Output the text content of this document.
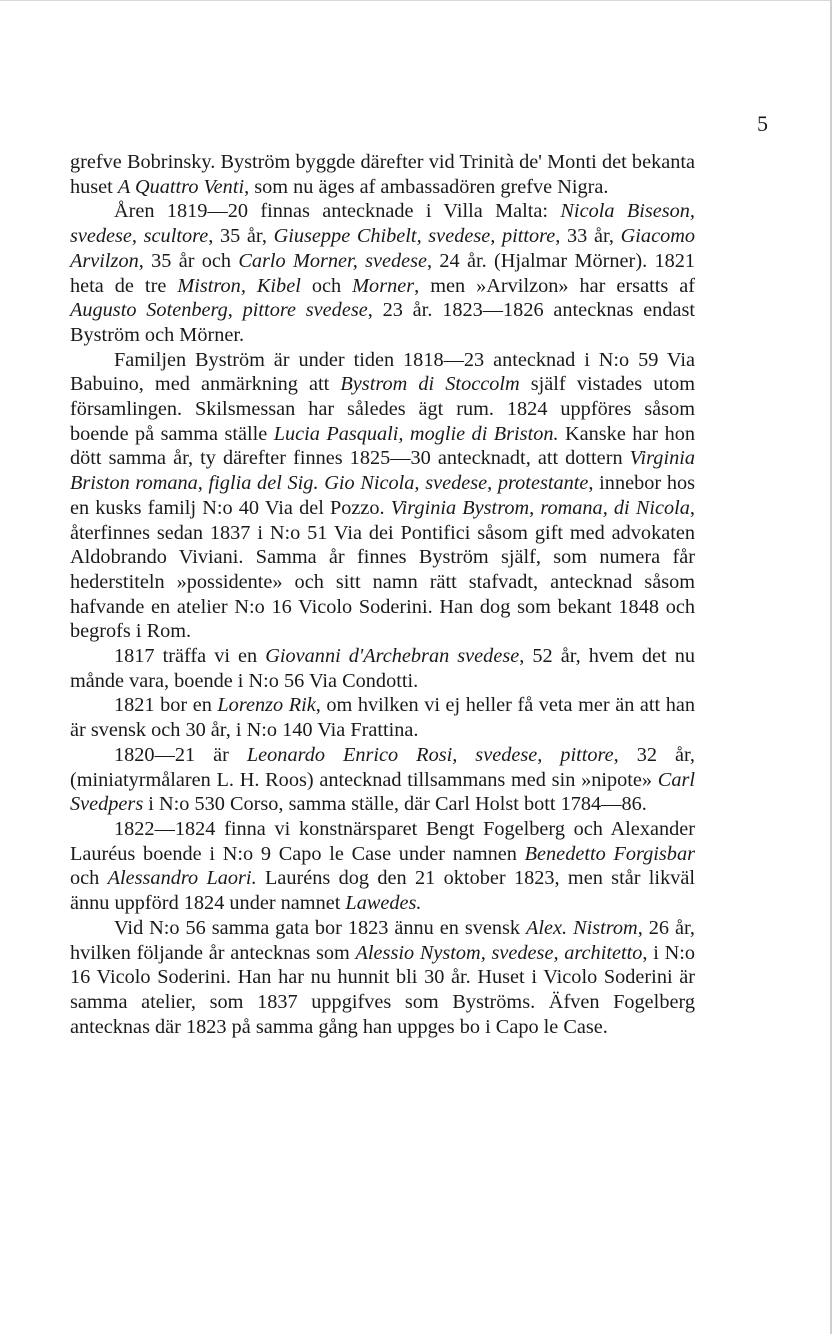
5

grefve Bobrinsky. Byström byggde därefter vid Trinità de' Monti det bekanta huset A Quattro Venti, som nu äges af ambassadören grefve Nigra.

Åren 1819—20 finnas antecknade i Villa Malta: Nicola Biseson, svedese, scultore, 35 år, Giuseppe Chibelt, svedese, pittore, 33 år, Giacomo Arvilzon, 35 år och Carlo Morner, svedese, 24 år. (Hjalmar Mörner). 1821 heta de tre Mistron, Kibel och Morner, men »Arvilzon» har ersatts af Augusto Sotenberg, pittore svedese, 23 år. 1823—1826 antecknas endast Byström och Mörner.

Familjen Byström är under tiden 1818—23 antecknad i N:o 59 Via Babuino, med anmärkning att Bystrom di Stoccolm själf vistades utom församlingen. Skilsmessan har således ägt rum. 1824 uppföres såsom boende på samma ställe Lucia Pasquali, moglie di Briston. Kanske har hon dött samma år, ty därefter finnes 1825—30 antecknadt, att dottern Virginia Briston romana, figlia del Sig. Gio Nicola, svedese, protestante, innebor hos en kusks familj N:o 40 Via del Pozzo. Virginia Bystrom, romana, di Nicola, återfinnes sedan 1837 i N:o 51 Via dei Pontifici såsom gift med advokaten Aldobrando Viviani. Samma år finnes Byström själf, som numera får hederstiteln »possidente» och sitt namn rätt stafvadt, antecknad såsom hafvande en atelier N:o 16 Vicolo Soderini. Han dog som bekant 1848 och begrofs i Rom.

1817 träffa vi en Giovanni d'Archebran svedese, 52 år, hvem det nu månde vara, boende i N:o 56 Via Condotti.

1821 bor en Lorenzo Rik, om hvilken vi ej heller få veta mer än att han är svensk och 30 år, i N:o 140 Via Frattina.

1820—21 är Leonardo Enrico Rosi, svedese, pittore, 32 år, (miniatyrmålaren L. H. Roos) antecknad tillsammans med sin »nipote» Carl Svedpers i N:o 530 Corso, samma ställe, där Carl Holst bott 1784—86.

1822—1824 finna vi konstnärsparet Bengt Fogelberg och Alexander Lauréus boende i N:o 9 Capo le Case under namnen Benedetto Forgisbar och Alessandro Laori. Lauréns dog den 21 oktober 1823, men står likväl ännu uppförd 1824 under namnet Lawedes.

Vid N:o 56 samma gata bor 1823 ännu en svensk Alex. Nistrom, 26 år, hvilken följande år antecknas som Alessio Nystom, svedese, architetto, i N:o 16 Vicolo Soderini. Han har nu hunnit bli 30 år. Huset i Vicolo Soderini är samma atelier, som 1837 uppgifves som Byströms. Äfven Fogelberg antecknas där 1823 på samma gång han uppges bo i Capo le Case.
